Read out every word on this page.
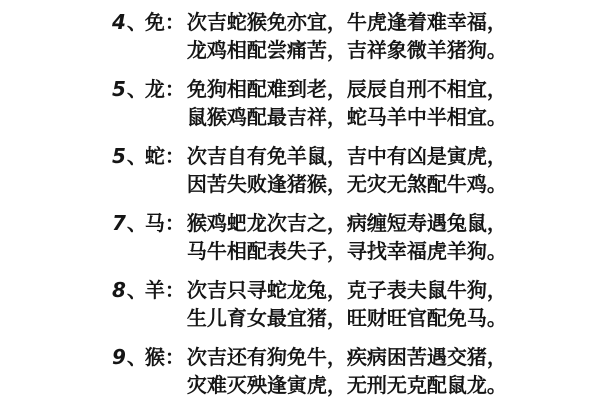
4 、 免 ： 次吉蛇猴免亦宜，牛虎逢着难幸福，
龙鸡相配尝痛苦，吉祥象微羊猪狗。
5 、 龙 ： 免狗相配难到老，辰辰自刑不相宜，
鼠猴鸡配最吉祥，蛇马羊中半相宜。
5 、 蛇 ： 次吉自有免羊鼠，吉中有凶是寅虎，
因苦失败逢猪猴，无灾无煞配牛鸡。
7 、 马 ： 猴鸡蚆龙次吉之，病缠短寿遇兔鼠，
马牛相配表失子，寻找幸福虎羊狗。
8 、 羊 ： 次吉只寻蛇龙兔，克子表夫鼠牛狗，
生儿育女最宜猪，旺财旺官配免马。
9 、 猴 ： 次吉还有狗免牛，疾病困苦遇交猪，
灾难灭殃逢寅虎，无刑无克配鼠龙。
